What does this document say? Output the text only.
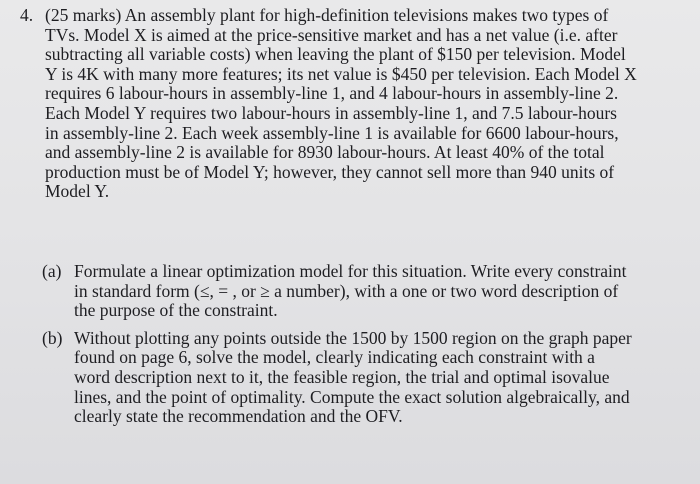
4. (25 marks) An assembly plant for high-definition televisions makes two types of
TVs. Model X is aimed at the price-sensitive market and has a net value (i.e. after
subtracting all variable costs) when leaving the plant of $150 per television. Model
Y is 4K with many more features; its net value is $450 per television. Each Model X
requires 6 labour-hours in assembly-line 1, and 4 labour-hours in assembly-line 2.
Each Model Y requires two labour-hours in assembly-line 1, and 7.5 labour-hours
in assembly-line 2. Each week assembly-line 1 is available for 6600 labour-hours,
and assembly-line 2 is available for 8930 labour-hours. At least 40% of the total
production must be of Model Y; however, they cannot sell more than 940 units of
Model Y.
(a) Formulate a linear optimization model for this situation. Write every constraint
in standard form (≤, = , or ≥ a number), with a one or two word description of
the purpose of the constraint.
(b) Without plotting any points outside the 1500 by 1500 region on the graph paper
found on page 6, solve the model, clearly indicating each constraint with a
word description next to it, the feasible region, the trial and optimal isovalue
lines, and the point of optimality. Compute the exact solution algebraically, and
clearly state the recommendation and the OFV.
